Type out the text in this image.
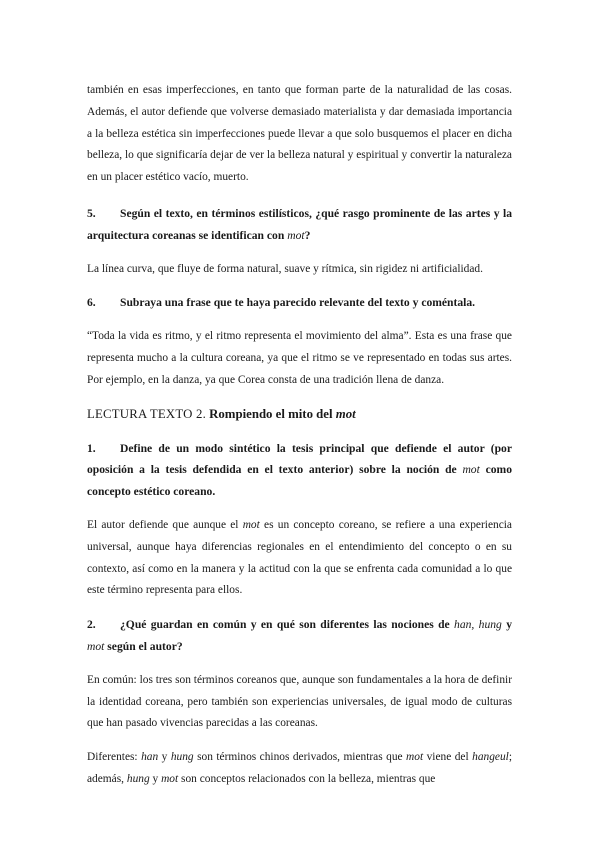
también en esas imperfecciones, en tanto que forman parte de la naturalidad de las cosas. Además, el autor defiende que volverse demasiado materialista y dar demasiada importancia a la belleza estética sin imperfecciones puede llevar a que solo busquemos el placer en dicha belleza, lo que significaría dejar de ver la belleza natural y espiritual y convertir la naturaleza en un placer estético vacío, muerto.

5. Según el texto, en términos estilísticos, ¿qué rasgo prominente de las artes y la arquitectura coreanas se identifican con mot?

La línea curva, que fluye de forma natural, suave y rítmica, sin rigidez ni artificialidad.

6. Subraya una frase que te haya parecido relevante del texto y coméntala.

“Toda la vida es ritmo, y el ritmo representa el movimiento del alma”. Esta es una frase que representa mucho a la cultura coreana, ya que el ritmo se ve representado en todas sus artes. Por ejemplo, en la danza, ya que Corea consta de una tradición llena de danza.

LECTURA TEXTO 2. Rompiendo el mito del mot

1. Define de un modo sintético la tesis principal que defiende el autor (por oposición a la tesis defendida en el texto anterior) sobre la noción de mot como concepto estético coreano.

El autor defiende que aunque el mot es un concepto coreano, se refiere a una experiencia universal, aunque haya diferencias regionales en el entendimiento del concepto o en su contexto, así como en la manera y la actitud con la que se enfrenta cada comunidad a lo que este término representa para ellos.

2. ¿Qué guardan en común y en qué son diferentes las nociones de han, hung y mot según el autor?

En común: los tres son términos coreanos que, aunque son fundamentales a la hora de definir la identidad coreana, pero también son experiencias universales, de igual modo de culturas que han pasado vivencias parecidas a las coreanas.

Diferentes: han y hung son términos chinos derivados, mientras que mot viene del hangeul; además, hung y mot son conceptos relacionados con la belleza, mientras que
